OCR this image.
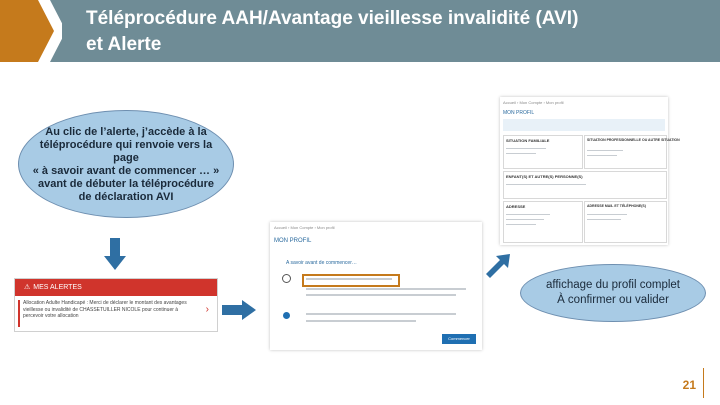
Téléprocédure AAH/Avantage vieillesse invalidité (AVI)
et Alerte
Au clic de l’alerte, j’accède à la
téléprocédure qui renvoie vers la
page
« à savoir avant de commencer … »
avant de débuter la téléprocédure
de déclaration AVI
⚠ MES ALERTES
Allocation Adulte Handicapé : Merci de déclarer le montant des avantages vieillesse ou invalidité de CHASSETUILLER NICOLE pour continuer à percevoir votre allocation
›
Accueil › Mon Compte › Mon profil
MON PROFIL
A savoir avant de commencer…
Commencer
Accueil › Mon Compte › Mon profil
MON PROFIL
SITUATION FAMILIALE	SITUATION PROFESSIONNELLE OU AUTRE SITUATION
ENFANT(S) ET AUTRE(S) PERSONNE(S)
ADRESSE	ADRESSE MAIL ET TÉLÉPHONE(S)
affichage du profil complet
À confirmer ou valider
21
